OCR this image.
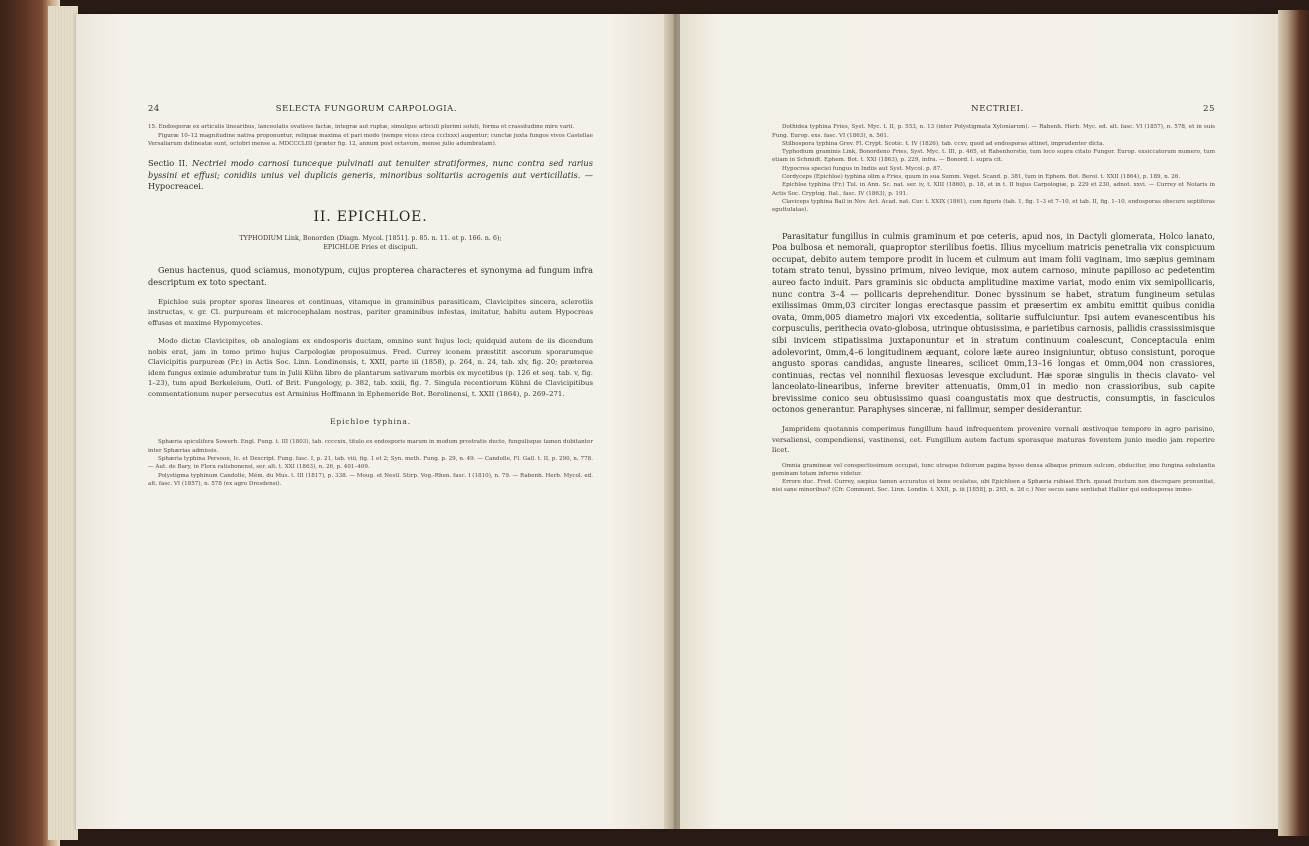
24	SELECTA FUNGORUM CARPOLOGIA.

15. Endosporæ ex articulis linearibus, lanceolatis ovatisve factæ, integræ aut ruptæ, simulque articuli plurimi soluti, forma et crassitudine mire varii.

Figuræ 10–12 magnitudine nativa proponuntur, reliquæ maxima et pari modo (nempe vices circa ccclxxx) augentur; cunctæ juxta fungos vivos Castellae Versaliarum delineatæ sunt, octobri mense a. MDCCCLIII (præter fig. 12, annum post octavum, mense julio adumbratam).

Sectio II. Nectriei modo carnosi tunceque pulvinati aut tenuiter stratiformes, nunc contra sed rarius byssini et effusi; conidiis unius vel duplicis generis, minoribus solitariis acrogenis aut verticillatis. — Hypocreacei.

II. EPICHLOE.
TYPHODIUM Link, Bonorden (Diagn. Mycol. [1851]. p. 85. n. 11. et p. 166. n. 6);
EPICHLOE Fries et discipuli.

Genus hactenus, quod sciamus, monotypum, cujus propterea characteres et synonyma ad fungum infra descriptum ex toto spectant.

Epichloe suis propter sporas lineares et continuas, vitamque in graminibus parasiticam, Clavicipites sincera, sclerotiis instructas, v. gr. Cl. purpuream et microcephalam nostras, pariter graminibus infestas, imitatur, habitu autem Hypocreas effusas et maxime Hypomycetes.

Modo dictæ Clavicipites, ob analogiam ex endosporis ductam, omnino sunt hujus loci; quidquid autem de iis dicendum nobis erat, jam in tomo primo hujus Carpologiæ proposuimus. Fred. Currey iconem præstitit ascorum sporarumque Clavicipitis purpureæ (Fr.) in Actis Soc. Linn. Londinensis, t. XXII, parte iii (1858), p. 264, n. 24, tab. xlv, fig. 20; præterea idem fungus eximie adumbratur tum in Julii Kühn libro de plantarum sativarum morbis ex mycetibus (p. 126 et seq. tab. v, fig. 1–23), tum apud Berkeleium, Outl. of Brit. Fungology, p. 382, tab. xxiii, fig. 7. Singula recentiorum Kühni de Clavicipitibus commentationum nuper persecutus est Arminius Hoffmann in Ephemeride Bot. Berolinensi, t. XXII (1864), p. 269–271.

Epichloe typhina.

Sphæria spiculifera Sowerb. Engl. Fung. t. III (1803), tab. ccccxix, titulo ex endosporis marum in modum prostratis ducto, fungulisque tamen dubitanter inter Sphærias admissis.

Sphæria typhina Persoon, Ic. et Descript. Fung. fasc. I, p. 21, tab. viii, fig. 1 et 2; Syn. meth. Fung. p. 29, n. 49. — Candolle, Fl. Gall. t. II, p. 290, n. 778. — Aut. de Bary, in Flora ratisbonensi, ser. alt. t. XXI (1863), n. 26, p. 401–409.

Polystigma typhinum Candolle, Mém. du Mus. t. III (1817), p. 338. — Moug. et Nestl. Stirp. Vog.-Rhen. fasc. I (1810), n. 79. — Rabenh. Herb. Mycol. ed. alt. fasc. VI (1857), n. 578 (ex agro Dresdensi).

NECTRIEI.	25

Dothidea typhina Fries, Syst. Myc. t. II, p. 553, n. 13 (inter Polystigmata Xyloniarum). — Rabenh. Herb. Myc. ed. alt. fasc. VI (1857), n. 578, et in suis Fung. Europ. exs. fasc. VI (1863), n. 561.

Stilbospora typhina Grev. Fl. Crypt. Scotic. t. IV (1826), tab. ccxv, quod ad endosporas attinet, imprudenter dicta.

Typhodium graminis Link, Bonordeno Fries, Syst. Myc. t. III, p. 465, et Rabenhorstio, tum loco supra citato Fungor. Europ. exsiccatorum numero, tum etiam in Schmidt. Ephem. Bot. t. XXI (1863), p. 229, infra. — Bonord. l. supra cit.

Hypocrea speciei fungus in Indiis aut Syst. Mycol. p. 87.

Cordyceps (Epichloe) typhina olim a Fries, quum in sua Summ. Veget. Scand. p. 381, tum in Ephem. Bot. Berol. t. XXII (1864), p. 189, n. 26.

Epichloe typhina (Fr.) Tul. in Ann. Sc. nat. ser. iv, t. XIII (1860), p. 18, et in t. II hujus Carpologiæ, p. 229 et 230, adnot. xxvi. — Currey et Notaris in Actis Soc. Cryptog. Ital., fasc. IV (1863), p. 191.

Claviceps typhina Bail in Nov. Act. Acad. nat. Cur. t. XXIX (1861), cum figuris (tab. 1, fig. 1–3 et 7–10, et tab. II, fig. 1–10, endosporas obscure septiferas eguttulatas).

Parasitatur fungillus in culmis graminum et pœ ceteris, apud nos, in Dactyli glomerata, Holco lanato, Poa bulbosa et nemorali, quaproptor sterilibus foetis. Illius mycelium matricis penetralia vix conspicuum occupat, debito autem tempore prodit in lucem et culmum aut imam folii vaginam, imo sæpius geminam totam strato tenui, byssino primum, niveo levique, mox autem carnoso, minute papilloso ac pedetentim aureo facto induit. Pars graminis sic obducta amplitudine maxime variat, modo enim vix semipollicaris, nunc contra 3–4 — pollicaris deprehenditur. Donec byssinum se habet, stratum fungineum setulas exilissimas 0mm,03 circiter longas erectasque passim et præsertim ex ambitu emittit quibus conidia ovata, 0mm,005 diametro majori vix excedentia, solitarie suffulciuntur. Ipsi autem evanescentibus his corpusculis, perithecia ovato-globosa, utrinque obtusissima, e parietibus carnosis, pallidis crassissimisque sibi invicem stipatissima juxtaponuntur et in stratum continuum coalescunt, Conceptacula enim adolevorint, 0mm,4–6 longitudinem æquant, colore læte aureo insigniuntur, obtuso consistunt, poroque angusto sporas candidas, anguste lineares, scilicet 0mm,13–16 longas et 0mm,004 non crassiores, continuas, rectas vel nonnihil flexuosas levesque excludunt. Hæ sporæ singulis in thecis clavato- vel lanceolato-linearibus, inferne breviter attenuatis, 0mm,01 in medio non crassioribus, sub capite brevissime conico seu obtusissimo quasi coangustatis mox que destructis, consumptis, in fasciculos octonos generantur. Paraphyses sinceræ, ni fallimur, semper desiderantur.

Jampridem quotannis comperimus fungillum haud infrequentem provenire vernali æstivoque tempore in agro parisino, versaliensi, compendiensi, vastinensi, cet. Fungillum autem factum sporasque maturas foventem junio medio jam reperire licet.

Omnia gramineæ vel conspectissimum occupat, tunc utraque foliorum pagina bysso densa albaque primum sulcum, obducitur, imo fungina substantia geminam totam inferne videtur.

Errore duc. Fred. Currey, sæpius tamen accuratus et bene oculatus, ubi Epichloen a Sphæria rubiaei Ehrh. quoad fructum non discrepare pronuntiat, nisi sane minoribus? (Cfr. Comment. Soc. Linn. Londin. t. XXII, p. iii [1858], p. 265, n. 26 c.) Nec secus sane sentiebat Hallier qui endosporas immo-
